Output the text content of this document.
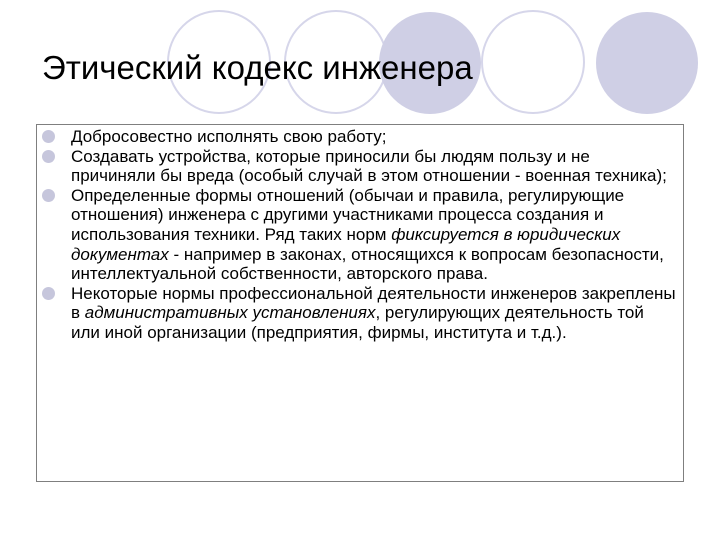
Этический кодекс инженера
Добросовестно исполнять свою работу;
Создавать устройства, которые приносили бы людям пользу и не причиняли бы вреда (особый случай в этом отношении - военная техника);
Определенные формы отношений (обычаи и правила, регулирующие отношения) инженера с другими участниками процесса создания и использования техники. Ряд таких норм фиксируется в юридических документах - например в законах, относящихся к вопросам безопасности, интеллектуальной собственности, авторского права.
Некоторые нормы профессиональной деятельности инженеров закреплены в административных установлениях, регулирующих деятельность той или иной организации (предприятия, фирмы, института и т.д.).
